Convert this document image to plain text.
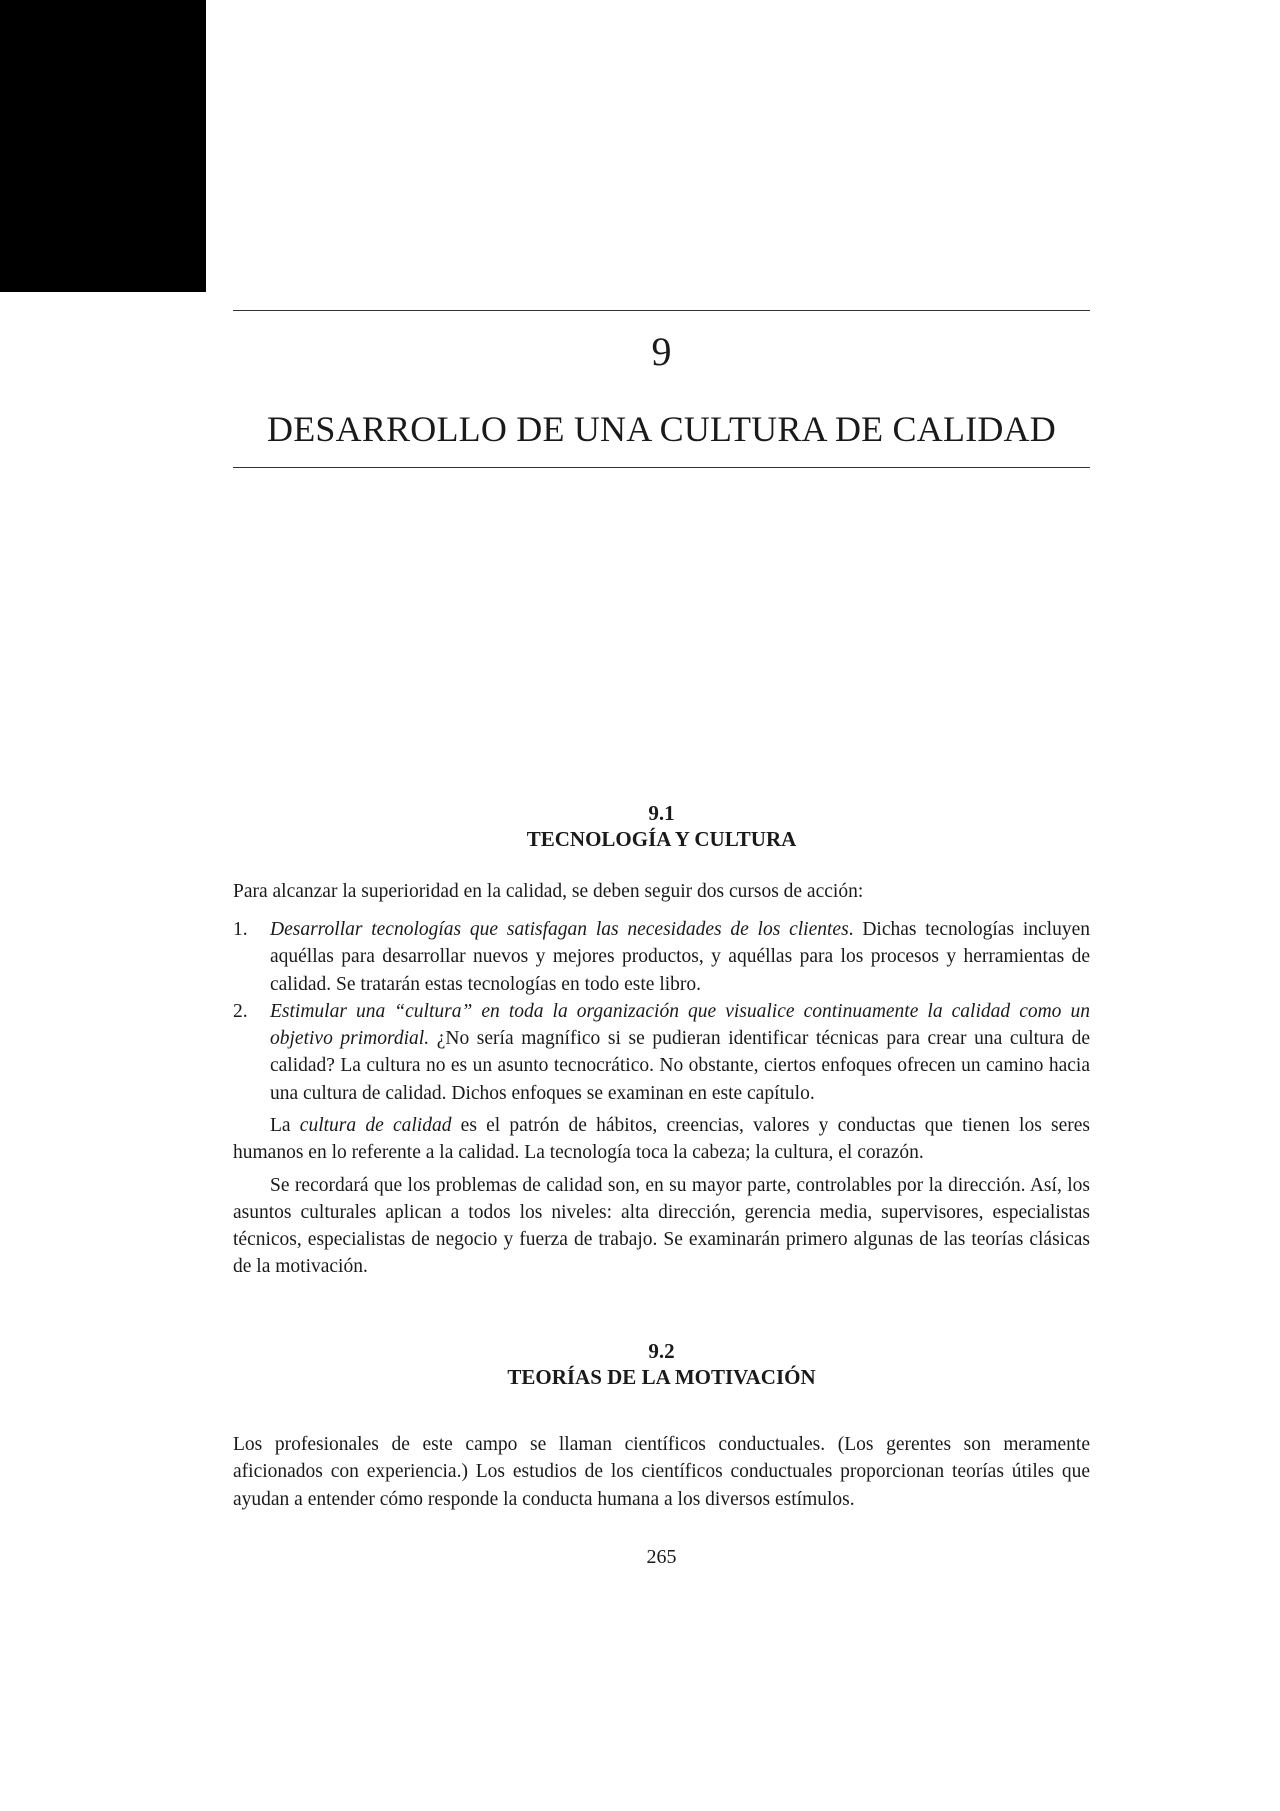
9
DESARROLLO DE UNA CULTURA DE CALIDAD
9.1
TECNOLOGÍA Y CULTURA

Para alcanzar la superioridad en la calidad, se deben seguir dos cursos de acción:

1. Desarrollar tecnologías que satisfagan las necesidades de los clientes. Dichas tecnologías incluyen aquéllas para desarrollar nuevos y mejores productos, y aquéllas para los procesos y herramientas de calidad. Se tratarán estas tecnologías en todo este libro.
2. Estimular una “cultura” en toda la organización que visualice continuamente la calidad como un objetivo primordial. ¿No sería magnífico si se pudieran identificar técnicas para crear una cultura de calidad? La cultura no es un asunto tecnocrático. No obstante, ciertos enfoques ofrecen un camino hacia una cultura de calidad. Dichos enfoques se examinan en este capítulo.

La cultura de calidad es el patrón de hábitos, creencias, valores y conductas que tienen los seres humanos en lo referente a la calidad. La tecnología toca la cabeza; la cultura, el corazón.

Se recordará que los problemas de calidad son, en su mayor parte, controlables por la dirección. Así, los asuntos culturales aplican a todos los niveles: alta dirección, gerencia media, supervisores, especialistas técnicos, especialistas de negocio y fuerza de trabajo. Se examinarán primero algunas de las teorías clásicas de la motivación.

9.2
TEORÍAS DE LA MOTIVACIÓN

Los profesionales de este campo se llaman científicos conductuales. (Los gerentes son meramente aficionados con experiencia.) Los estudios de los científicos conductuales proporcionan teorías útiles que ayudan a entender cómo responde la conducta humana a los diversos estímulos.

265
